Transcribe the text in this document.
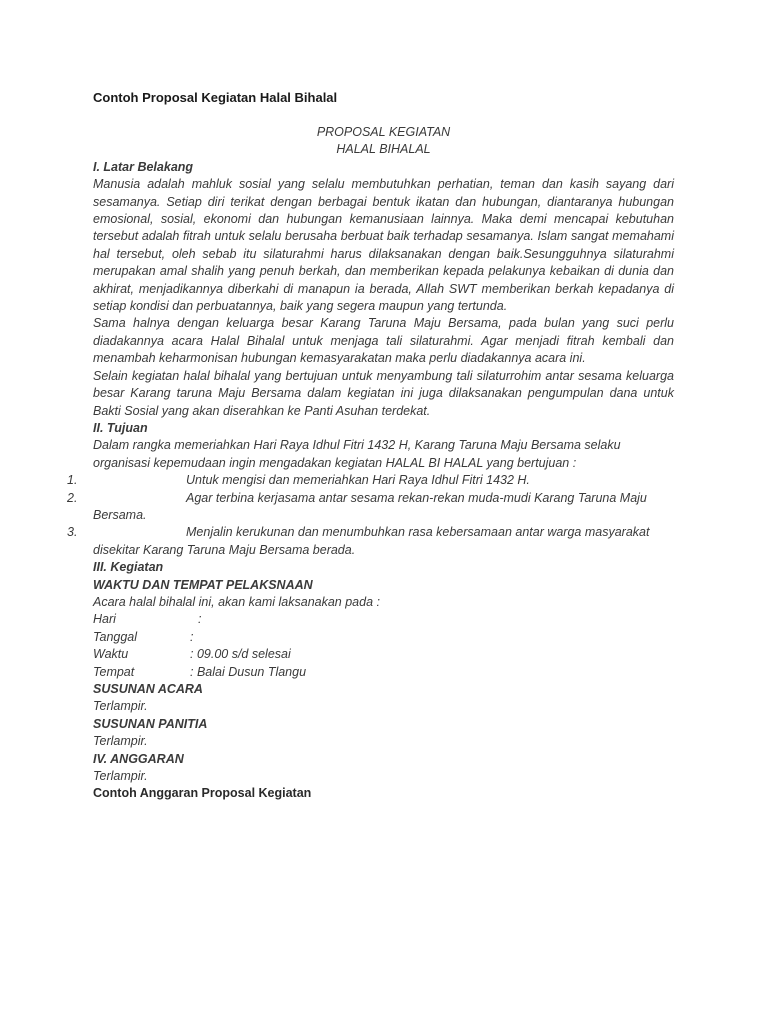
Contoh Proposal Kegiatan Halal Bihalal
PROPOSAL KEGIATAN
HALAL BIHALAL
I. Latar Belakang
Manusia adalah mahluk sosial yang selalu membutuhkan perhatian, teman dan kasih sayang dari sesamanya. Setiap diri terikat dengan berbagai bentuk ikatan dan hubungan, diantaranya hubungan emosional, sosial, ekonomi dan hubungan kemanusiaan lainnya. Maka demi mencapai kebutuhan tersebut adalah fitrah untuk selalu berusaha berbuat baik terhadap sesamanya. Islam sangat memahami hal tersebut, oleh sebab itu silaturahmi harus dilaksanakan dengan baik.Sesungguhnya silaturahmi merupakan amal shalih yang penuh berkah, dan memberikan kepada pelakunya kebaikan di dunia dan akhirat, menjadikannya diberkahi di manapun ia berada, Allah SWT memberikan berkah kepadanya di setiap kondisi dan perbuatannya, baik yang segera maupun yang tertunda.
Sama halnya dengan keluarga besar Karang Taruna Maju Bersama, pada bulan yang suci perlu diadakannya acara Halal Bihalal untuk menjaga tali silaturahmi. Agar menjadi fitrah kembali dan menambah keharmonisan hubungan kemasyarakatan maka perlu diadakannya acara ini.
Selain kegiatan halal bihalal yang bertujuan untuk menyambung tali silaturrohim antar sesama keluarga besar Karang taruna Maju Bersama dalam kegiatan ini juga dilaksanakan pengumpulan dana untuk Bakti Sosial yang akan diserahkan ke Panti Asuhan terdekat.
II. Tujuan
Dalam rangka memeriahkan Hari Raya Idhul Fitri 1432 H, Karang Taruna Maju Bersama selaku
organisasi kepemudaan ingin mengadakan kegiatan HALAL BI HALAL yang bertujuan :
1.	Untuk mengisi dan memeriahkan Hari Raya Idhul Fitri 1432 H.
2.	Agar terbina kerjasama antar sesama rekan-rekan muda-mudi Karang Taruna Maju
Bersama.
3.	Menjalin kerukunan dan menumbuhkan rasa kebersamaan antar warga masyarakat
disekitar Karang Taruna Maju Bersama berada.
III. Kegiatan
WAKTU DAN TEMPAT PELAKSNAAN
Acara halal bihalal ini, akan kami laksanakan pada :
Hari	:
Tanggal	:
Waktu	: 09.00 s/d selesai
Tempat	: Balai Dusun Tlangu
SUSUNAN ACARA
Terlampir.
SUSUNAN PANITIA
Terlampir.
IV. ANGGARAN
Terlampir.
Contoh Anggaran Proposal Kegiatan
